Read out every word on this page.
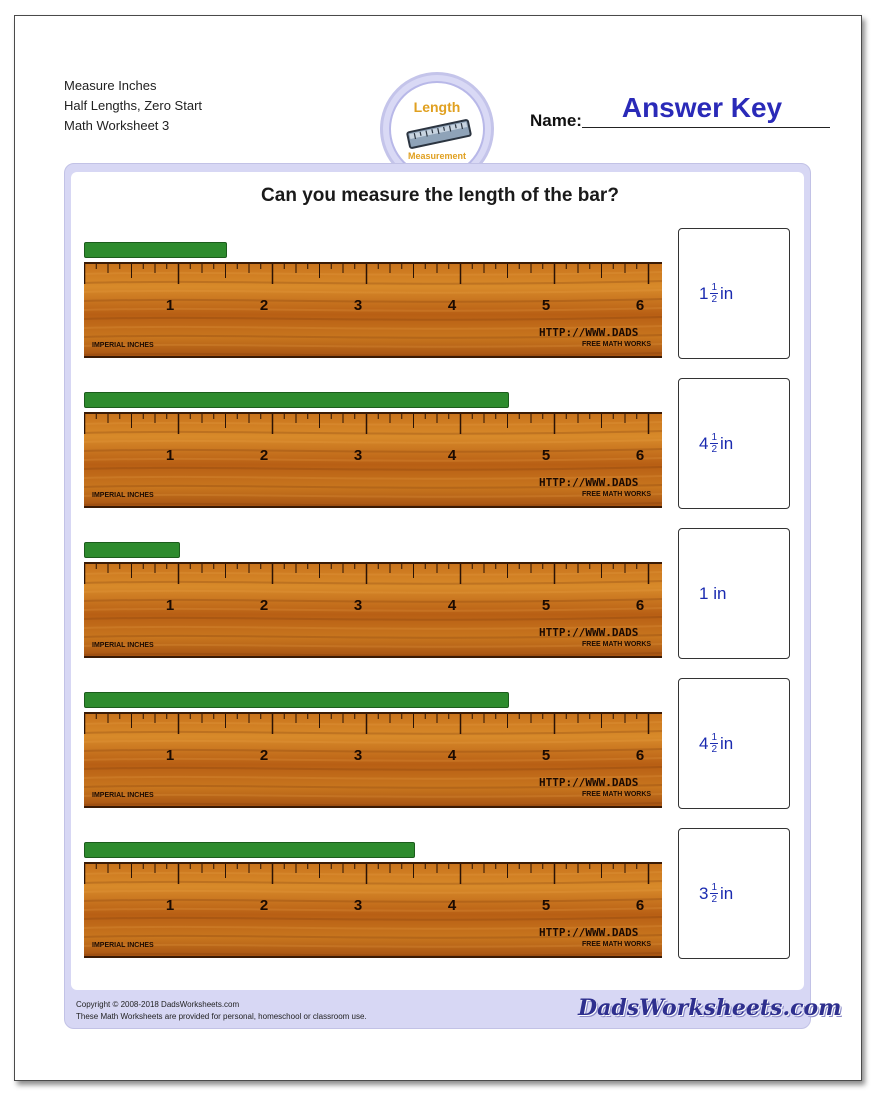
Measure Inches
Half Lengths, Zero Start
Math Worksheet 3
Length
Measurement
Name:	Answer Key
Can you measure the length of the bar?
1	2	3	4	5	6
HTTP://WWW.DADS
FREE MATH WORKS
IMPERIAL INCHES
$1 \frac{1}{2}$ in
1	2	3	4	5	6
HTTP://WWW.DADS
FREE MATH WORKS
IMPERIAL INCHES
$4 \frac{1}{2}$ in
1	2	3	4	5	6
HTTP://WWW.DADS
FREE MATH WORKS
IMPERIAL INCHES
1
in
1	2	3	4	5	6
HTTP://WWW.DADS
FREE MATH WORKS
IMPERIAL INCHES
$4 \frac{1}{2}$ in
1	2	3	4	5	6
HTTP://WWW.DADS
FREE MATH WORKS
IMPERIAL INCHES
$3 \frac{1}{2}$ in
Copyright © 2008-2018 DadsWorksheets.com
These Math Worksheets are provided for personal, homeschool or classroom use.	DadsWorksheets.com
